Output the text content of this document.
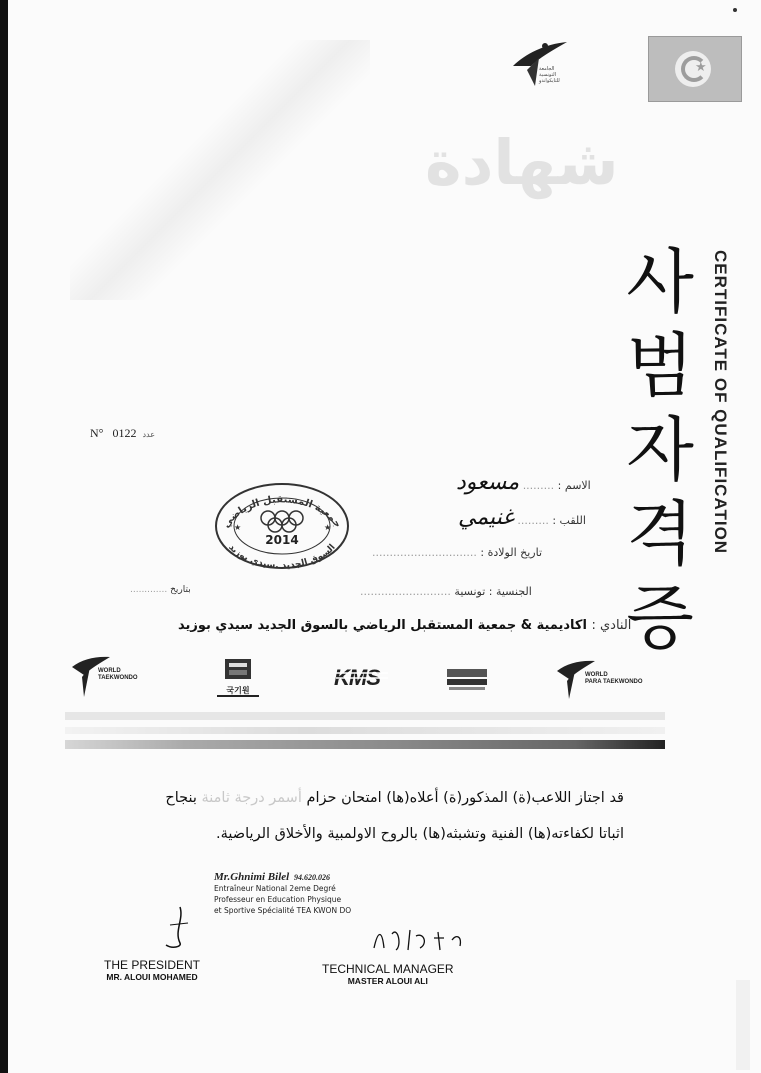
★
الجامعة
التونسية
للتايكواندو
شهادة
사
범
자
격
증
CERTIFICATE OF QUALIFICATION
N° 0122 عدد
الاسم : ......... مسعود
اللقب : ......... غنيمي
تاريخ الولادة : ..............................
الجنسية : تونسية ..........................
بتاريخ .............
النادي : اكاديمية & جمعية المستقبل الرياضي بالسوق الجديد سيدي بوزيد
جمعية المستقبل الرياضي
السوق الجديد .سيدي بوزيد
2014
★	★
WORLD
TAEKWONDO
국기원
KMS	WORLD
PARA TAEKWONDO
قد اجتاز اللاعب(ة) المذكور(ة) أعلاه(ها) امتحان حزام أسمر درجة ثامنة بنجاح
اثباتا لكفاءته(ها) الفنية وتشبثه(ها) بالروح الاولمبية والأخلاق الرياضية.
Mr.Ghnimi Bilel 94.620.026
Entraîneur National 2eme Degré
Professeur en Education Physique
et Sportive Spécialité TEA KWON DO
THE PRESIDENT
MR. ALOUI MOHAMED
TECHNICAL MANAGER
MASTER ALOUI ALI
